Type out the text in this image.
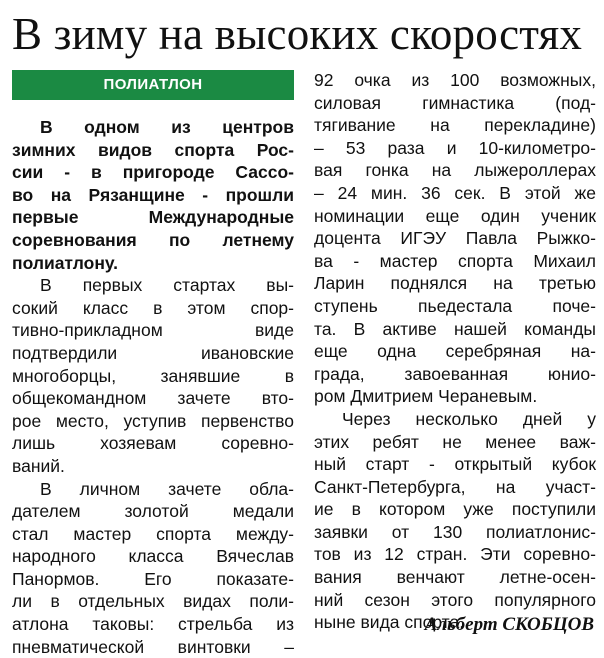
В зиму на высоких скоростях
ПОЛИАТЛОН
В одном из центров
зимних видов спорта Рос-
сии - в пригороде Сассо-
во на Рязанщине - прошли
первые Международные
соревнования по летнему
полиатлону.
В первых стартах вы-
сокий класс в этом спор-
тивно-прикладном виде
подтвердили ивановские
многоборцы, занявшие в
общекомандном зачете вто-
рое место, уступив первенство
лишь хозяевам соревно-
ваний.
В личном зачете обла-
дателем золотой медали
стал мастер спорта между-
народного класса Вячеслав
Панормов. Его показате-
ли в отдельных видах поли-
атлона таковы: стрельба из
пневматической винтовки –
92 очка из 100 возможных,
силовая гимнастика (под-
тягивание на перекладине)
– 53 раза и 10-километро-
вая гонка на лыжероллерах
– 24 мин. 36 сек. В этой же
номинации еще один ученик
доцента ИГЭУ Павла Рыжко-
ва - мастер спорта Михаил
Ларин поднялся на третью
ступень пьедестала поче-
та. В активе нашей команды
еще одна серебряная на-
града, завоеванная юнио-
ром Дмитрием Чераневым.
Через несколько дней у
этих ребят не менее важ-
ный старт - открытый кубок
Санкт-Петербурга, на участ-
ие в котором уже поступили
заявки от 130 полиатлонис-
тов из 12 стран. Эти соревно-
вания венчают летне-осен-
ний сезон этого популярного
ныне вида спорта.
Альберт СКОБЦОВ
